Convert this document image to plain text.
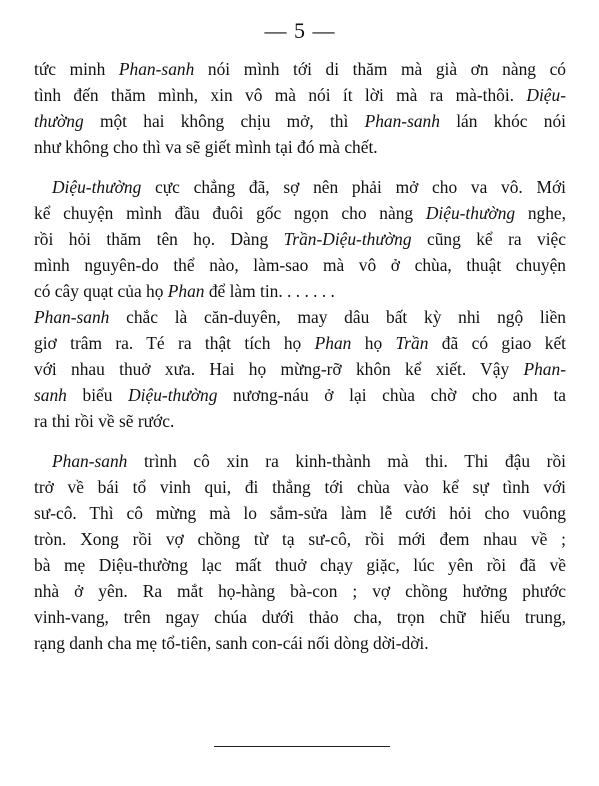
— 5 —
tức minh Phan-sanh nói mình tới di thăm mà già ơn nàng có
tình đến thăm mình, xin vô mà nói ít lời mà ra mà-thôi. Diệu-
thường một hai không chịu mở, thì Phan-sanh lán khóc nói
như không cho thì va sẽ giết mình tại đó mà chết.
Diệu-thường cực chẳng đã, sợ nên phải mở cho va vô. Mới
kể chuyện mình đầu đuôi gốc ngọn cho nàng Diệu-thường nghe,
rồi hỏi thăm tên họ. Dàng Trần-Diệu-thường cũng kể ra việc
mình nguyên-do thể nào, làm-sao mà vô ở chùa, thuật chuyện
có cây quạt của họ Phan để làm tin. . . . . . .
Phan-sanh chắc là căn-duyên, may dâu bất kỳ nhi ngộ liền
giơ trâm ra. Té ra thật tích họ Phan họ Trần đã có giao kết
với nhau thuở xưa. Hai họ mừng-rỡ khôn kể xiết. Vậy Phan-
sanh biểu Diệu-thường nương-náu ở lại chùa chờ cho anh ta
ra thi rồi về sẽ rước.
Phan-sanh trình cô xin ra kinh-thành mà thi. Thi đậu rồi
trở về bái tổ vinh qui, đi thẳng tới chùa vào kể sự tình với
sư-cô. Thì cô mừng mà lo sắm-sửa làm lễ cưới hỏi cho vuông
tròn. Xong rồi vợ chồng từ tạ sư-cô, rồi mới đem nhau về ;
bà mẹ Diệu-thường lạc mất thuở chạy giặc, lúc yên rồi đã về
nhà ở yên. Ra mắt họ-hàng bà-con ; vợ chồng hưởng phước
vinh-vang, trên ngay chúa dưới thảo cha, trọn chữ hiếu trung,
rạng danh cha mẹ tổ-tiên, sanh con-cái nối dòng dời-dời.
